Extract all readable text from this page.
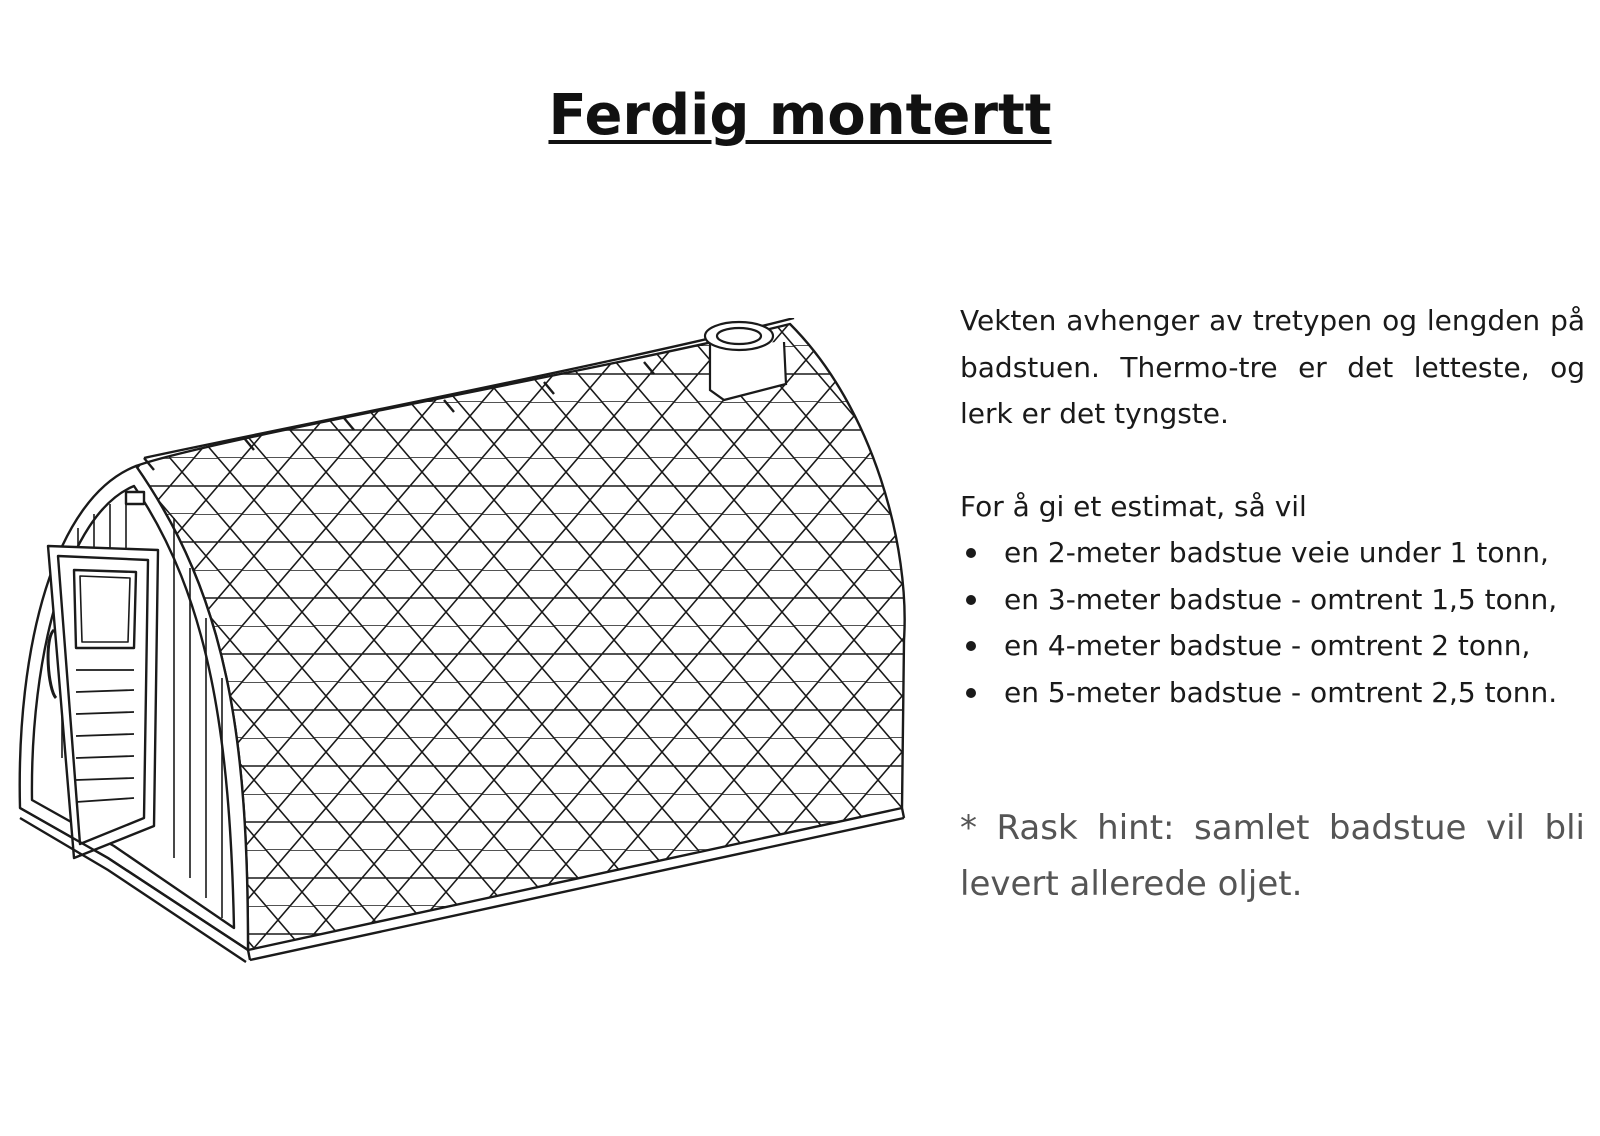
Ferdig montertt

Vekten avhenger av tretypen og lengden på badstuen. Thermo-tre er det letteste, og lerk er det tyngste.

For å gi et estimat, så vil

en 2-meter badstue veie under 1 tonn,
en 3-meter badstue - omtrent 1,5 tonn,
en 4-meter badstue - omtrent 2 tonn,
en 5-meter badstue - omtrent 2,5 tonn.

* Rask hint: samlet badstue vil bli levert allerede oljet.
